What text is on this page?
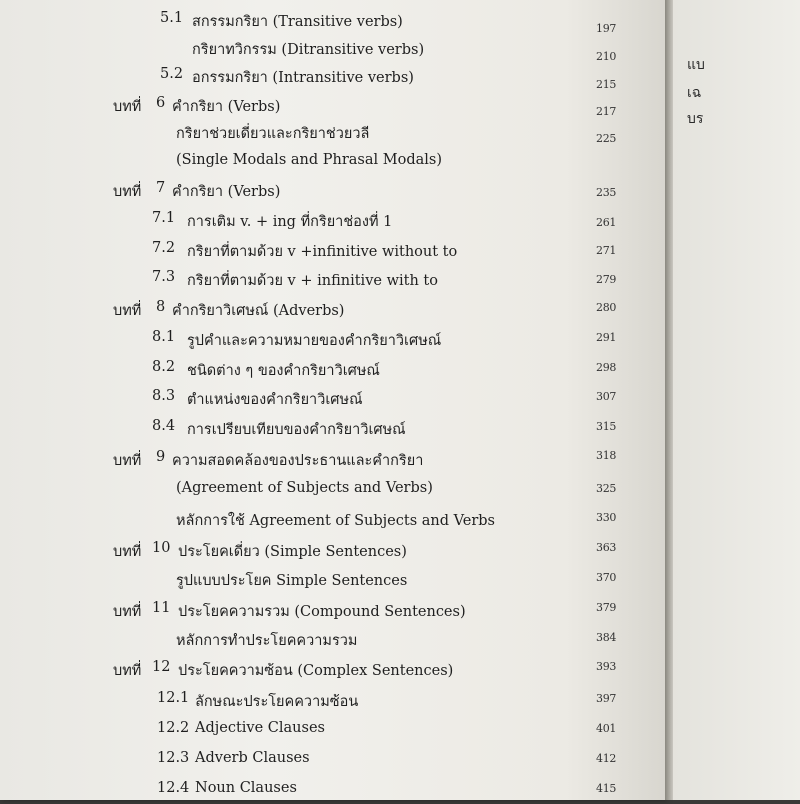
แบ
เฉ
บร
5.1 สกรรมกริยา (Transitive verbs)	197
กริยาทวิกรรม (Ditransitive verbs)	210
5.2 อกรรมกริยา (Intransitive verbs)	215
บทที่ 6 คำกริยา (Verbs)	217
กริยาช่วยเดี่ยวและกริยาช่วยวลี	225
(Single Modals and Phrasal Modals)
บทที่ 7 คำกริยา (Verbs)	235
7.1 การเติม v. + ing ที่กริยาช่องที่ 1	261
7.2 กริยาที่ตามด้วย v +infinitive without to	271
7.3 กริยาที่ตามด้วย v + infinitive with to	279
บทที่ 8 คำกริยาวิเศษณ์ (Adverbs)	280
8.1 รูปคำและความหมายของคำกริยาวิเศษณ์	291
8.2 ชนิดต่าง ๆ ของคำกริยาวิเศษณ์	298
8.3 ตำแหน่งของคำกริยาวิเศษณ์	307
8.4 การเปรียบเทียบของคำกริยาวิเศษณ์	315
บทที่ 9 ความสอดคล้องของประธานและคำกริยา	318
(Agreement of Subjects and Verbs)	325
หลักการใช้ Agreement of Subjects and Verbs	330
บทที่ 10 ประโยคเดี่ยว (Simple Sentences)	363
รูปแบบประโยค Simple Sentences	370
บทที่ 11 ประโยคความรวม (Compound Sentences)	379
หลักการทำประโยคความรวม	384
บทที่ 12 ประโยคความซ้อน (Complex Sentences)	393
12.1 ลักษณะประโยคความซ้อน	397
12.2 Adjective Clauses	401
12.3 Adverb Clauses	412
12.4 Noun Clauses	415
